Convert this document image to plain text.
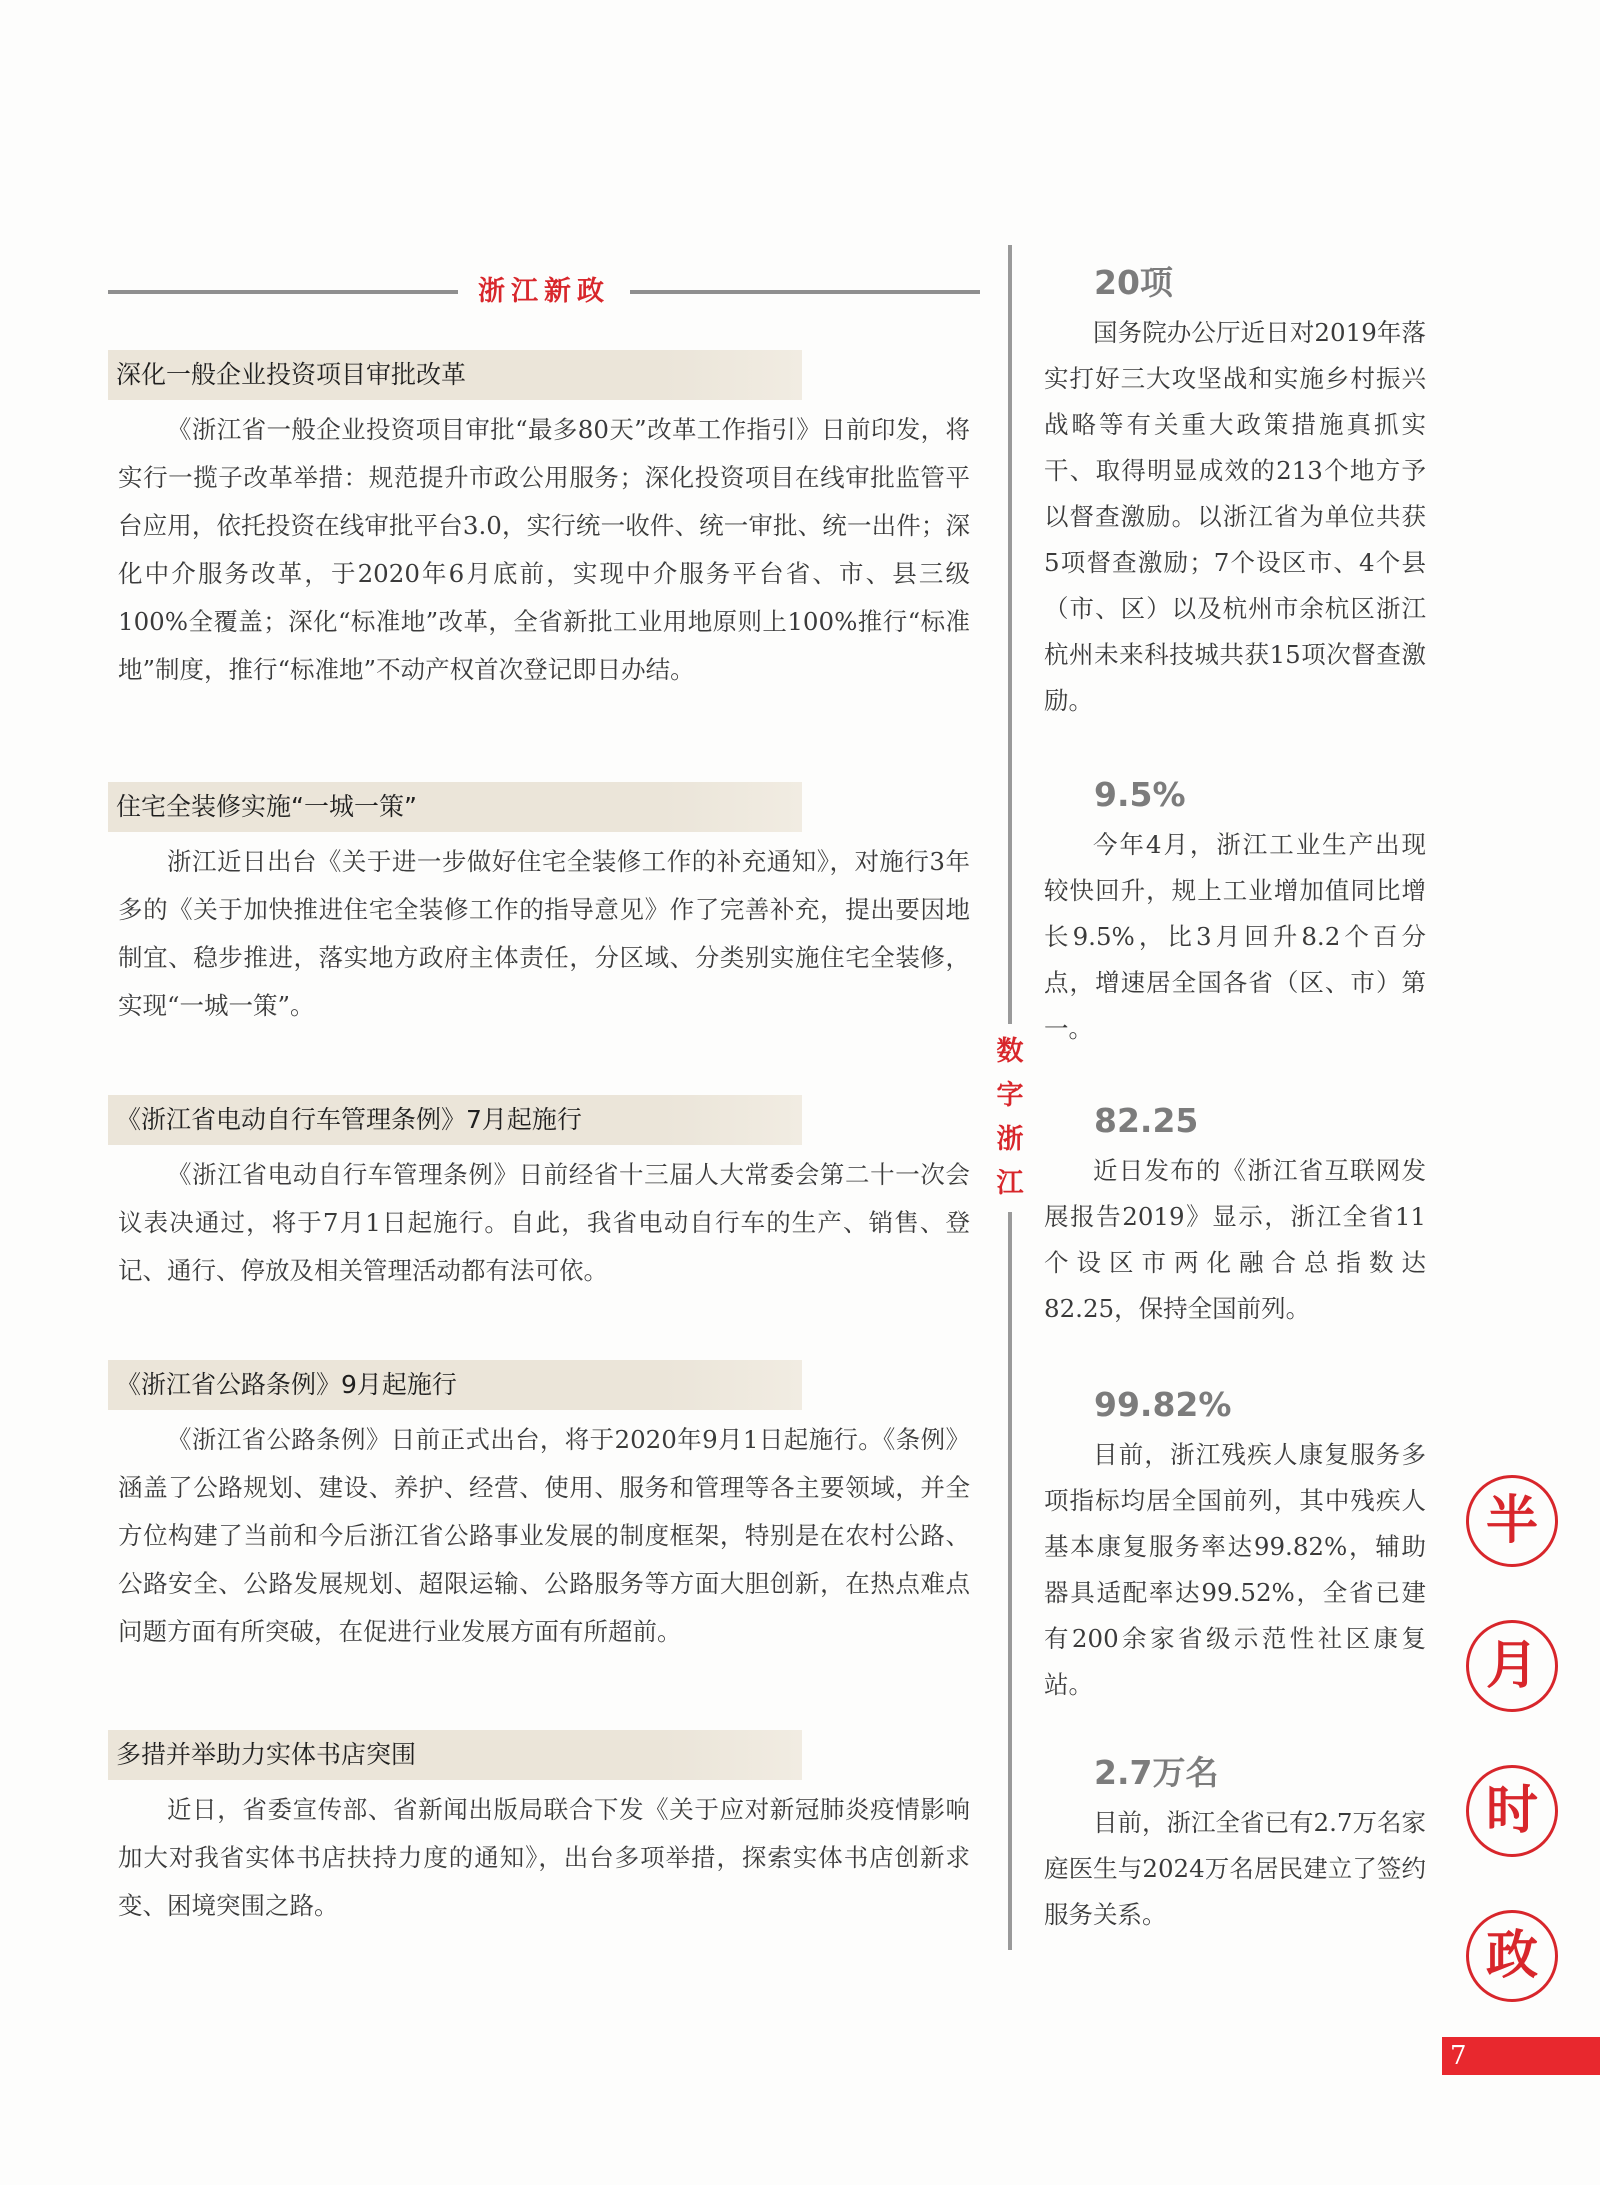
浙江新政
深化一般企业投资项目审批改革

《浙江省一般企业投资项目审批“最多80天”改革工作指引》日前印发，将实行一揽子改革举措：规范提升市政公用服务；深化投资项目在线审批监管平台应用，依托投资在线审批平台3.0，实行统一收件、统一审批、统一出件；深化中介服务改革，于2020年6月底前，实现中介服务平台省、市、县三级100%全覆盖；深化“标准地”改革，全省新批工业用地原则上100%推行“标准地”制度，推行“标准地”不动产权首次登记即日办结。

住宅全装修实施“一城一策”

浙江近日出台《关于进一步做好住宅全装修工作的补充通知》，对施行3年多的《关于加快推进住宅全装修工作的指导意见》作了完善补充，提出要因地制宜、稳步推进，落实地方政府主体责任，分区域、分类别实施住宅全装修，实现“一城一策”。

《浙江省电动自行车管理条例》7月起施行

《浙江省电动自行车管理条例》日前经省十三届人大常委会第二十一次会议表决通过，将于7月1日起施行。自此，我省电动自行车的生产、销售、登记、通行、停放及相关管理活动都有法可依。

《浙江省公路条例》9月起施行

《浙江省公路条例》日前正式出台，将于2020年9月1日起施行。《条例》涵盖了公路规划、建设、养护、经营、使用、服务和管理等各主要领域，并全方位构建了当前和今后浙江省公路事业发展的制度框架，特别是在农村公路、公路安全、公路发展规划、超限运输、公路服务等方面大胆创新，在热点难点问题方面有所突破，在促进行业发展方面有所超前。

多措并举助力实体书店突围

近日，省委宣传部、省新闻出版局联合下发《关于应对新冠肺炎疫情影响 加大对我省实体书店扶持力度的通知》，出台多项举措，探索实体书店创新求变、困境突围之路。

数
字
浙
江
20项

国务院办公厅近日对2019年落实打好三大攻坚战和实施乡村振兴战略等有关重大政策措施真抓实干、取得明显成效的213个地方予以督查激励。以浙江省为单位共获5项督查激励；7个设区市、4个县（市、区）以及杭州市余杭区浙江杭州未来科技城共获15项次督查激励。

9.5%

今年4月，浙江工业生产出现较快回升，规上工业增加值同比增长9.5%，比3月回升8.2个百分点，增速居全国各省（区、市）第一。

82.25

近日发布的《浙江省互联网发展报告2019》显示，浙江全省11个设区市两化融合总指数达82.25，保持全国前列。

99.82%

目前，浙江残疾人康复服务多项指标均居全国前列，其中残疾人基本康复服务率达99.82%，辅助器具适配率达99.52%，全省已建有200余家省级示范性社区康复站。

2.7万名

目前，浙江全省已有2.7万名家庭医生与2024万名居民建立了签约服务关系。

半
月
时
政
7
